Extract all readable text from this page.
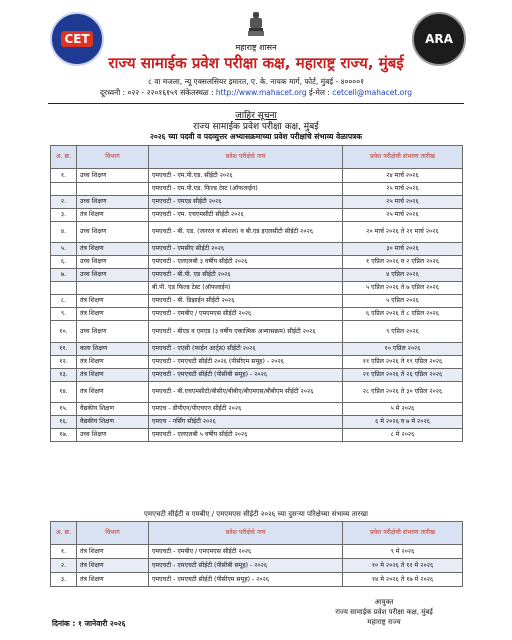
CET	ARA
महाराष्ट्र शासन
राज्य सामाईक प्रवेश परीक्षा कक्ष, महाराष्ट्र राज्य, मुंबई
८ वा मजला, न्यू एक्सलसियर इमारत, ए. के. नायक मार्ग, फोर्ट, मुंबई - ४००००१
दूरध्वनी : ०२२ - २२०१६१५९ संकेतस्थळ : http://www.mahacet.org ई-मेल : cetcell@mahacet.org
जाहिर सूचना
राज्य सामाईक प्रवेश परीक्षा कक्ष, मुंबई
२०२६ च्या पदवी व पदव्युत्तर अभ्यासक्रमाच्या प्रवेश परीक्षांचे संभाव्य वेळापत्रक
अ. क्र.	विभाग	प्रवेश परीक्षेचे नाव	प्रवेश परीक्षेची संभाव्य तारीख
१.	उच्च शिक्षण	एमएचटी - एम.पी.एड. सीईटी २०२६	२४ मार्च २०२६
		एमएचटी - एम.पी.एड. फिल्ड टेस्ट (ऑफलाईन)	२५ मार्च २०२६
२.	उच्च शिक्षण	एमएचटी - एमएड सीईटी २०२६	२५ मार्च २०२६
३.	तंत्र शिक्षण	एमएचटी - एम. एचएमसीटी सीईटी २०२६	२५ मार्च २०२६
४.	उच्च शिक्षण	एमएचटी - बी. एड. (जनरल व स्पेशल) व बी.एड इएलसीटी सीईटी २०२६	२० मार्च २०२६ ते २१ मार्च २०२६
५.	तंत्र शिक्षण	एमएचटी - एमसीए सीईटी २०२६	३० मार्च २०२६
६.	उच्च शिक्षण	एमएचटी - एलएलबी ३ वर्षीय सीईटी २०२६	१ एप्रिल २०२६ व २ एप्रिल २०२६
७.	उच्च शिक्षण	एमएचटी - बी.पी. एड सीईटी २०२६	४ एप्रिल २०२६
		बी.पी. एड फिल्ड टेस्ट (ऑफलाईन)	५ एप्रिल २०२६ ते ७ एप्रिल २०२६
८.	तंत्र शिक्षण	एमएचटी - बी. डिझाईन सीईटी २०२६	५ एप्रिल २०२६
९.	तंत्र शिक्षण	एमएचटी - एमबीए / एमएमएस सीईटी २०२६	६ एप्रिल २०२६ ते ८ एप्रिल २०२६
१०.	उच्च शिक्षण	एमएचटी - बीएड व एमएड (३ वर्षीय एकात्मिक अभ्यासक्रम) सीईटी २०२६	९ एप्रिल २०२६
११.	कला शिक्षण	एमएचटी - एएसी (फाईन आर्ट्स) सीईटी २०२६	१० एप्रिल २०२६
१२.	तंत्र शिक्षण	एमएचटी - एमएचटी सीईटी २०२६ (पीसीएम समूह) - २०२६	११ एप्रिल २०२६ ते १९ एप्रिल २०२६
१३.	तंत्र शिक्षण	एमएचटी - एमएचटी सीईटी (पीसीबी समूह) - २०२६	२१ एप्रिल २०२६ ते २६ एप्रिल २०२६
१४.	तंत्र शिक्षण	एमएचटी - बी.एचएमसीटी/बीसीए/बीबीए/बीएमएस/बीबीएम सीईटी २०२६	२८ एप्रिल २०२६ ते ३० एप्रिल २०२६
१५.	वैद्यकीय शिक्षण	एमएच - डीपीएन/पीएचएन सीईटी २०२६	५ मे २०२६
१६.	वैद्यकीय शिक्षण	एमएच - नर्सिंग सीईटी २०२६	६ मे २०२६ व ७ मे २०२६
१७.	उच्च शिक्षण	एमएचटी - एलएलबी ५ वर्षीय सीईटी २०२६	८ मे २०२६
एमएचटी सीईटी व एमबीए / एमएमएस सीईटी २०२६ च्या दुसऱ्या परिक्षेच्या संभाव्य तारखा
अ. क्र.	विभाग	प्रवेश परीक्षेचे नाव	प्रवेश परीक्षेची संभाव्य तारीख
१.	तंत्र शिक्षण	एमएचटी - एमबीए / एमएमएस सीईटी २०२६	९ मे २०२६
२.	तंत्र शिक्षण	एमएचटी - एमएचटी सीईटी (पीसीबी समूह) - २०२६	१० मे २०२६ ते ११ मे २०२६
३.	तंत्र शिक्षण	एमएचटी - एमएचटी सीईटी (पीसीएम समूह) - २०२६	१४ मे २०२६ ते १७ मे २०२६
आयुक्त
राज्य सामाईक प्रवेश परीक्षा कक्ष, मुंबई
महाराष्ट्र राज्य
दिनांक : १ जानेवारी २०२६
